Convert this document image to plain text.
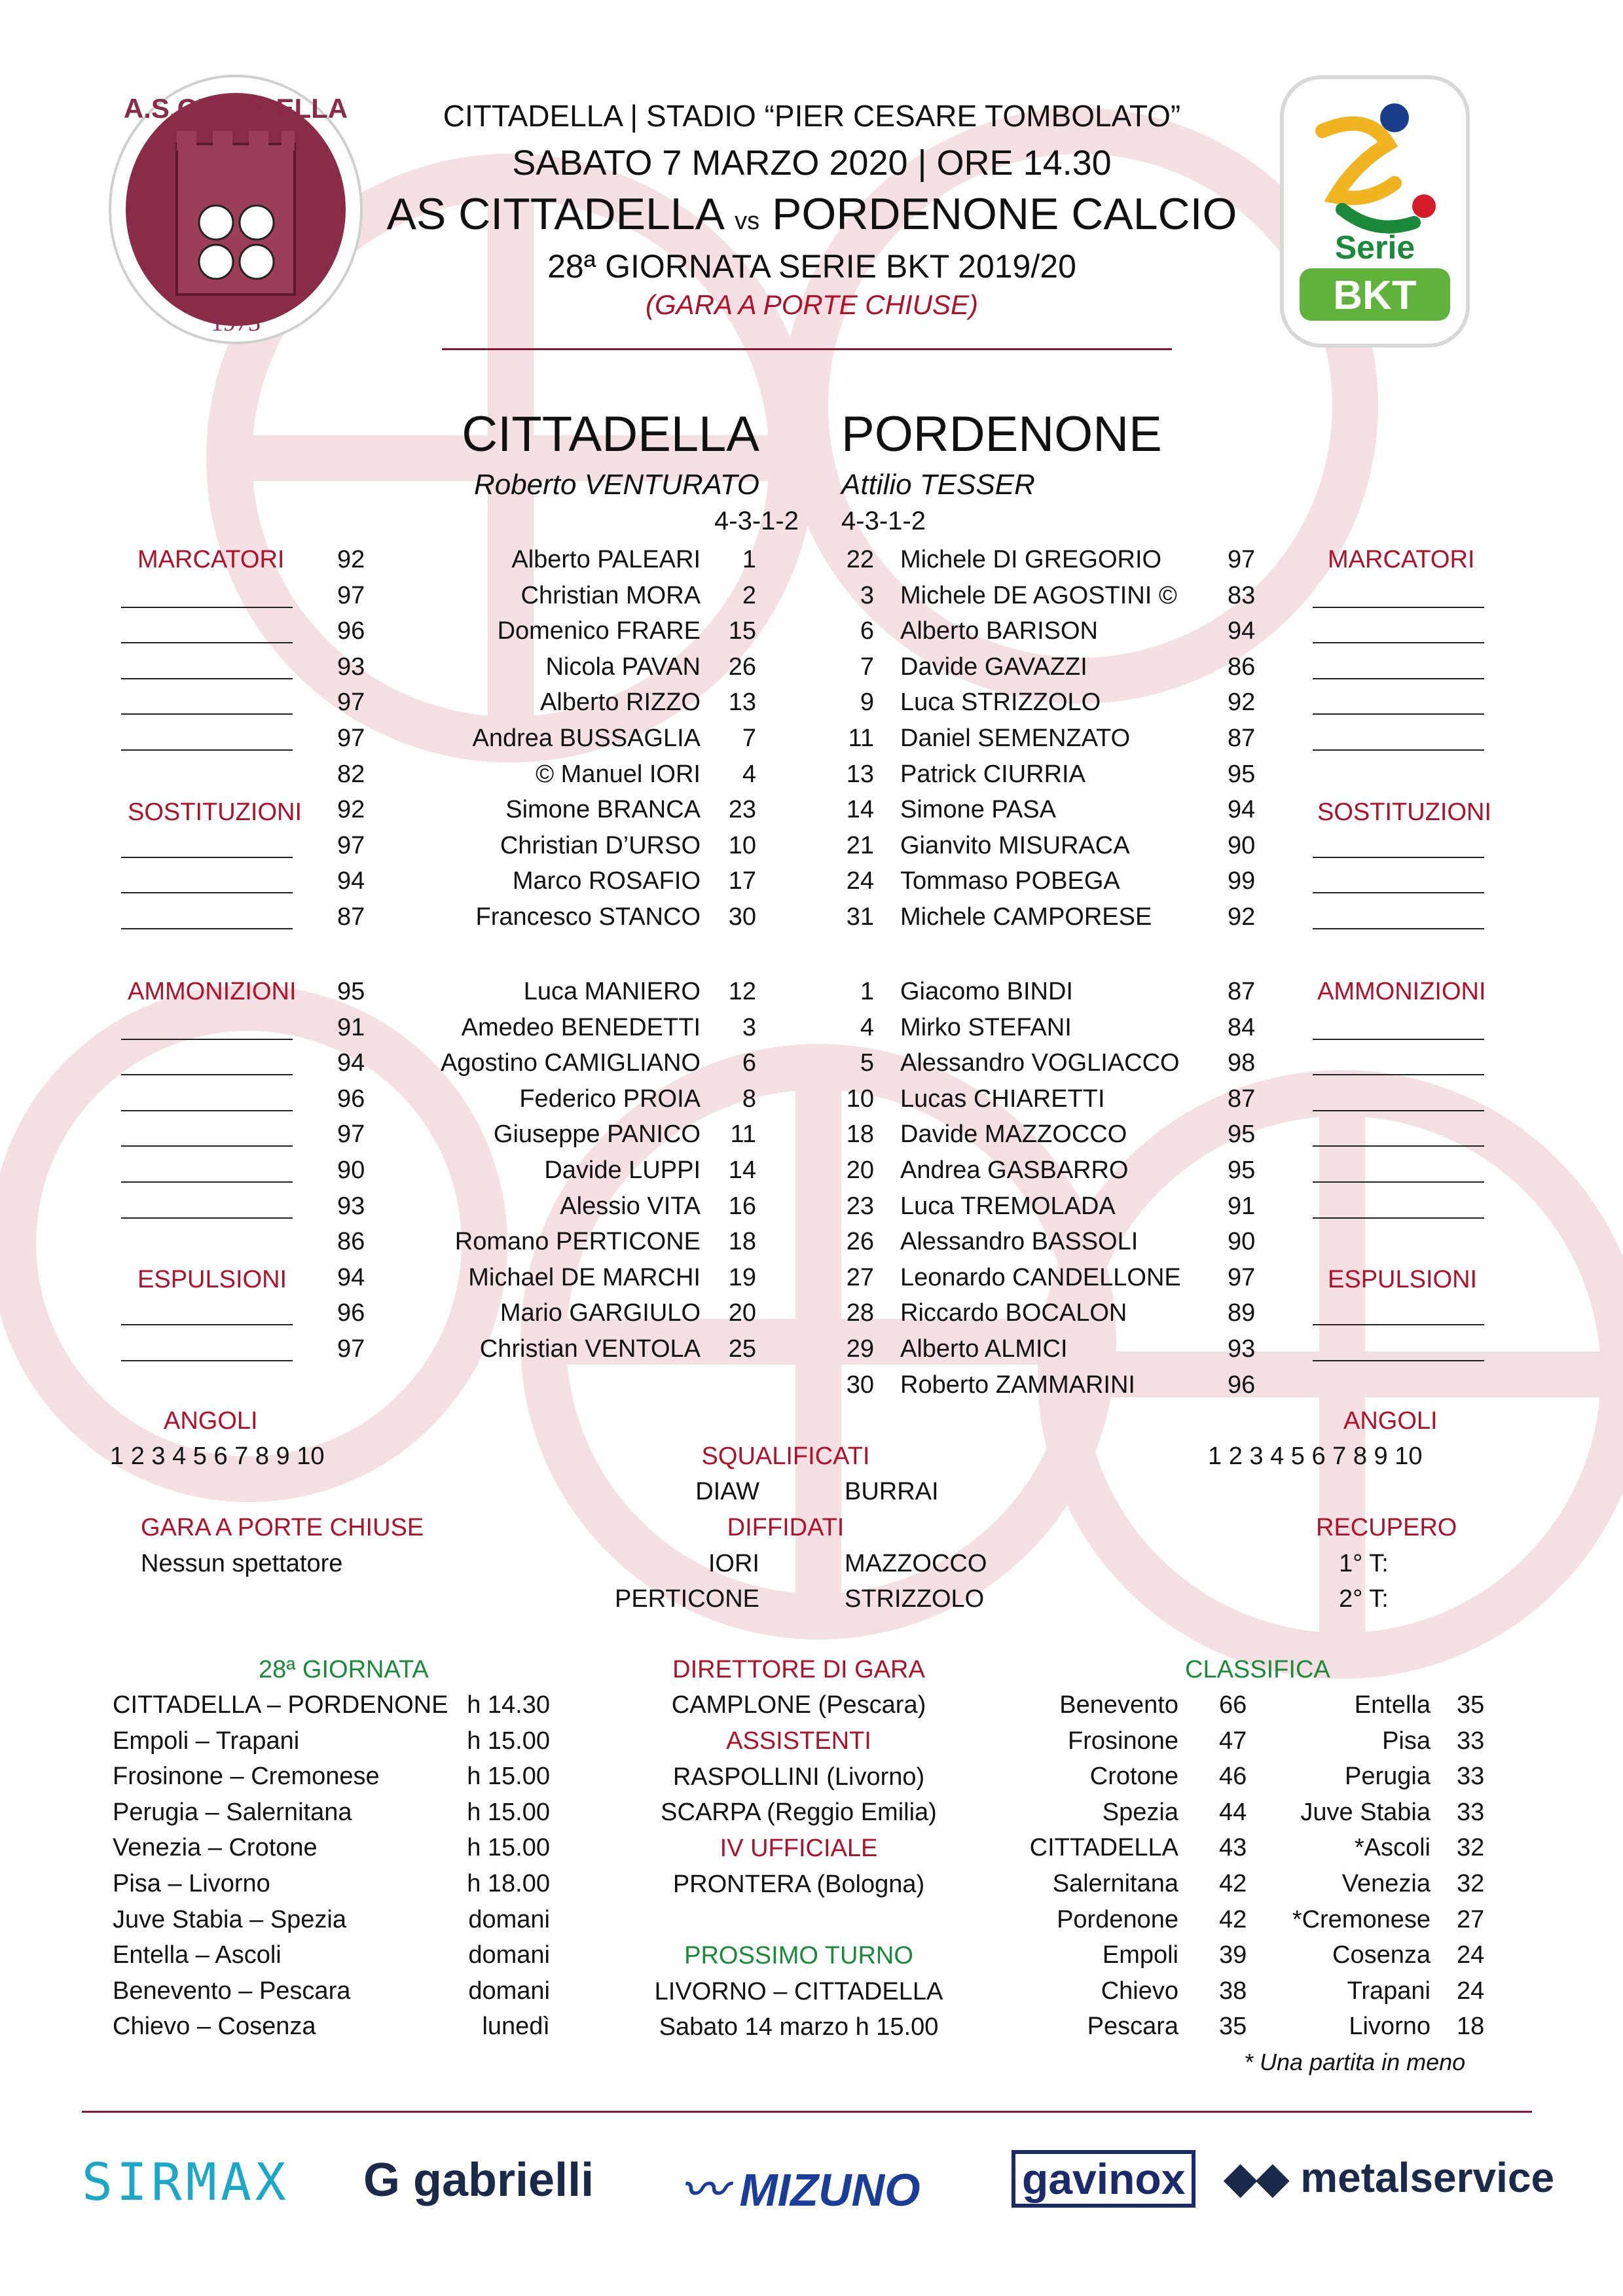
A.S.CITTADELLA
1973
Serie
BKT
CITTADELLA | STADIO “PIER CESARE TOMBOLATO”
SABATO 7 MARZO 2020 | ORE 14.30
AS CITTADELLA vs PORDENONE CALCIO
28ª GIORNATA SERIE BKT 2019/20
(GARA A PORTE CHIUSE)
CITTADELLA PORDENONE
Roberto VENTURATO	Attilio TESSER
4-3-1-2 4-3-1-2
MARCATORI	MARCATORI
SOSTITUZIONI	SOSTITUZIONI
AMMONIZIONI	AMMONIZIONI
ESPULSIONI	ESPULSIONI
ANGOLI
1 2 3 4 5 6 7 8 9 10
ANGOLI
1 2 3 4 5 6 7 8 9 10
SQUALIFICATI
DIAW	BURRAI
DIFFIDATI
IORI	MAZZOCCO
PERTICONE	STRIZZOLO
GARA A PORTE CHIUSE
Nessun spettatore
RECUPERO
1° T:
2° T:
28ª GIORNATA	DIRETTORE DI GARA
CAMPLONE (Pescara)
ASSISTENTI
RASPOLLINI (Livorno)
SCARPA (Reggio Emilia)
IV UFFICIALE
PRONTERA (Bologna)
PROSSIMO TURNO
LIVORNO – CITTADELLA
Sabato 14 marzo h 15.00
CLASSIFICA
* Una partita in meno
SIRMAX G gabrielli 〰 MIZUNO gavinox ◆◆ metalservice
92	Alberto PALEARI	1
97	Christian MORA	2
96	Domenico FRARE	15
93	Nicola PAVAN	26
97	Alberto RIZZO	13
97	Andrea BUSSAGLIA	7
82	© Manuel IORI	4
92	Simone BRANCA	23
97	Christian D’URSO	10
94	Marco ROSAFIO	17
87	Francesco STANCO	30
22 Michele DI GREGORIO	97
3 Michele DE AGOSTINI © 83
6 Alberto BARISON	94
7 Davide GAVAZZI	86
9 Luca STRIZZOLO	92
11 Daniel SEMENZATO	87
13 Patrick CIURRIA	95
14 Simone PASA	94
21 Gianvito MISURACA	90
24 Tommaso POBEGA	99
31 Michele CAMPORESE	92
95	Luca MANIERO	12
91	Amedeo BENEDETTI	3
94	Agostino CAMIGLIANO	6
96	Federico PROIA	8
97	Giuseppe PANICO	11
90	Davide LUPPI	14
93	Alessio VITA	16
86	Romano PERTICONE	18
94	Michael DE MARCHI	19
96	Mario GARGIULO	20
97	Christian VENTOLA	25
1 Giacomo BINDI	87
4 Mirko STEFANI	84
5 Alessandro VOGLIACCO 98
10 Lucas CHIARETTI	87
18 Davide MAZZOCCO	95
20 Andrea GASBARRO	95
23 Luca TREMOLADA	91
26 Alessandro BASSOLI	90
27 Leonardo CANDELLONE 97
28 Riccardo BOCALON	89
29 Alberto ALMICI	93
30 Roberto ZAMMARINI	96
CITTADELLA – PORDENONE h 14.30
Empoli – Trapani	h 15.00
Frosinone – Cremonese	h 15.00
Perugia – Salernitana	h 15.00
Venezia – Crotone	h 15.00
Pisa – Livorno	h 18.00
Juve Stabia – Spezia	domani
Entella – Ascoli	domani
Benevento – Pescara	domani
Chievo – Cosenza	lunedì
Benevento 66
Frosinone 47
Crotone 46
Spezia 44
CITTADELLA 43
Salernitana 42
Pordenone 42
Empoli 39
Chievo 38
Pescara 35
Entella 35
Pisa 33
Perugia 33
Juve Stabia 33
*Ascoli 32
Venezia 32
*Cremonese 27
Cosenza 24
Trapani 24
Livorno 18
